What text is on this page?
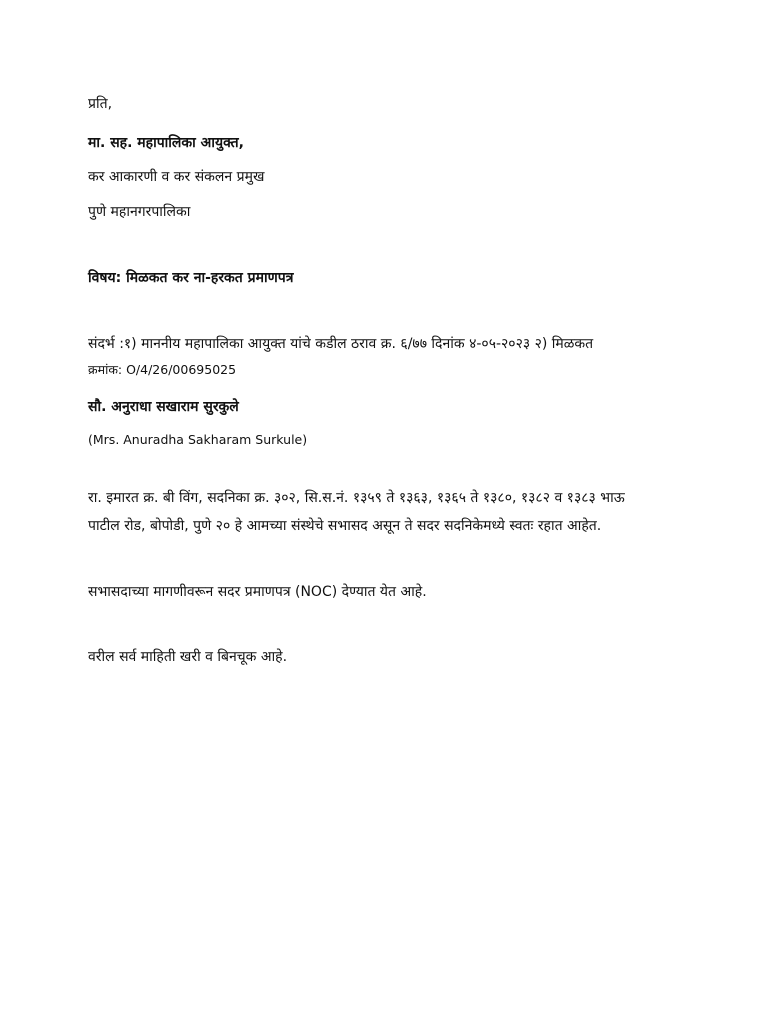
प्रति,
मा. सह. महापालिका आयुक्त,
कर आकारणी व कर संकलन प्रमुख
पुणे महानगरपालिका
विषय: मिळकत कर ना-हरकत प्रमाणपत्र
संदर्भ :१) माननीय महापालिका आयुक्त यांचे कडील ठराव क्र. ६/७७ दिनांक ४-०५-२०२३ २) मिळकत
क्रमांक: O/4/26/00695025
सौ. अनुराधा सखाराम सुरकुले
(Mrs. Anuradha Sakharam Surkule)
रा. इमारत क्र. बी विंग, सदनिका क्र. ३०२, सि.स.नं. १३५९ ते १३६३, १३६५ ते १३८०, १३८२ व १३८३ भाऊ
पाटील रोड, बोपोडी, पुणे २० हे आमच्या संस्थेचे सभासद असून ते सदर सदनिकेमध्ये स्वतः रहात आहेत.
सभासदाच्या मागणीवरून सदर प्रमाणपत्र (NOC) देण्यात येत आहे.
वरील सर्व माहिती खरी व बिनचूक आहे.
